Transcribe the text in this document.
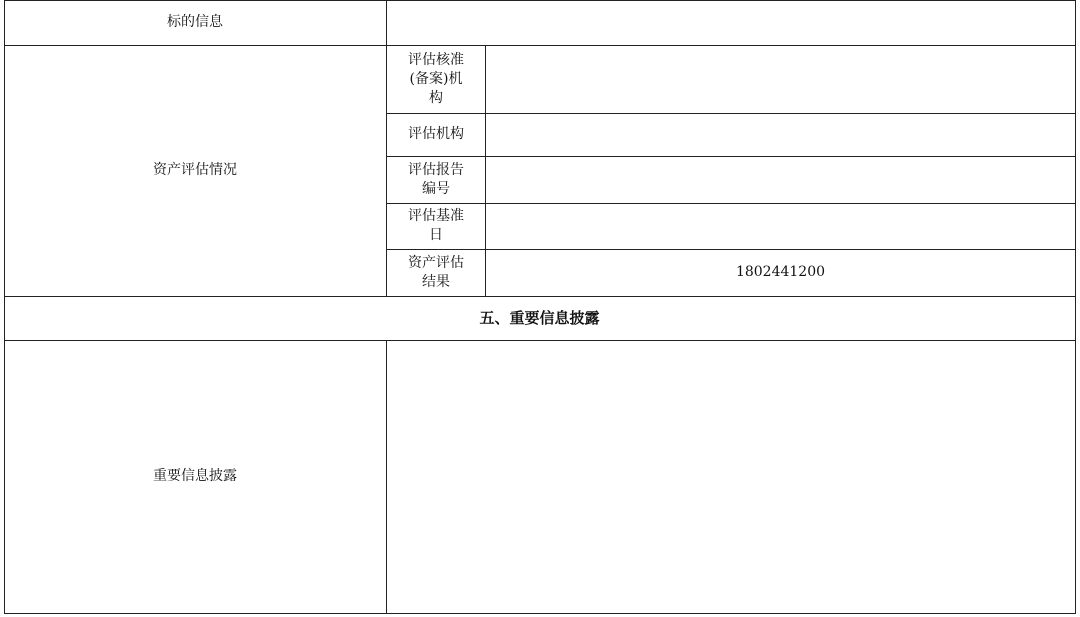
标的信息
资产评估情况
评估核准
(备案)机
构
评估机构
评估报告
编号
评估基准
日
资产评估
结果
1802441200
五、重要信息披露
重要信息披露
